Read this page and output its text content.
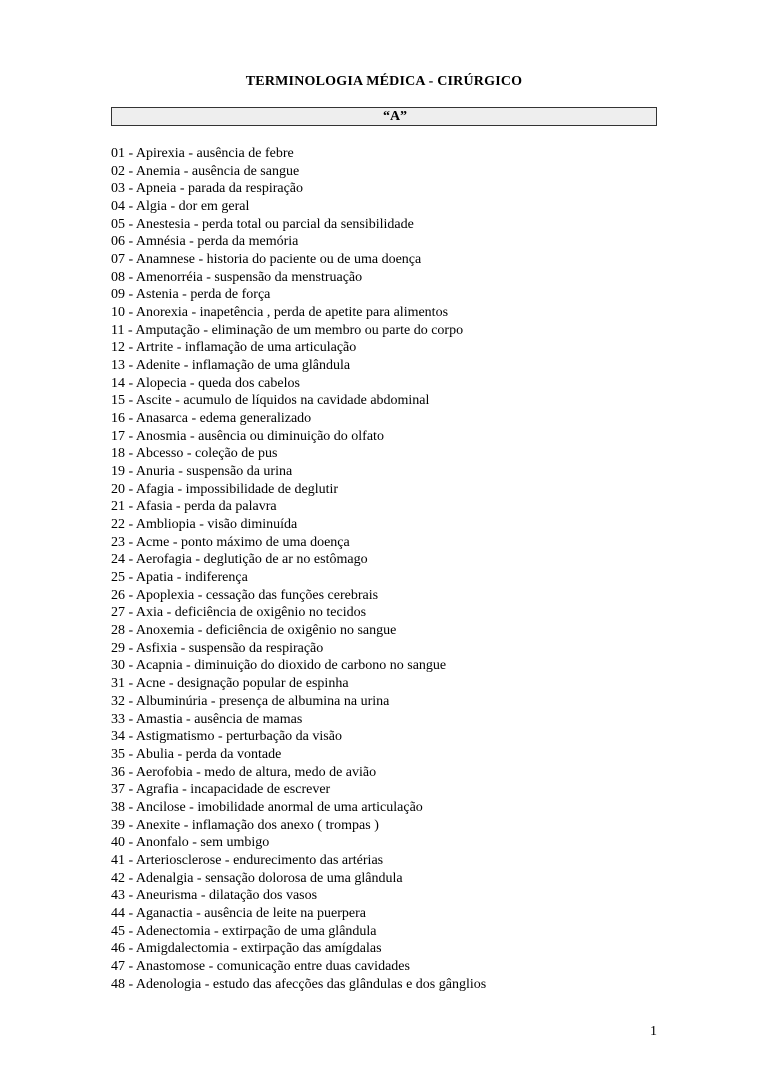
TERMINOLOGIA MÉDICA - CIRÚRGICO
“A”
01 - Apirexia - ausência de febre
02 - Anemia - ausência de sangue
03 - Apneia - parada da respiração
04 - Algia - dor em geral
05 - Anestesia - perda total ou parcial da sensibilidade
06 - Amnésia - perda da memória
07 - Anamnese - historia do paciente ou de uma doença
08 - Amenorréia - suspensão da menstruação
09 - Astenia - perda de força
10 - Anorexia - inapetência , perda de apetite para alimentos
11 - Amputação - eliminação de um membro ou parte do corpo
12 - Artrite - inflamação de uma articulação
13 - Adenite - inflamação de uma glândula
14 - Alopecia - queda dos cabelos
15 - Ascite - acumulo de líquidos na cavidade abdominal
16 - Anasarca - edema generalizado
17 - Anosmia - ausência ou diminuição do olfato
18 - Abcesso - coleção de pus
19 - Anuria - suspensão da urina
20 - Afagia - impossibilidade de deglutir
21 - Afasia - perda da palavra
22 - Ambliopia - visão diminuída
23 - Acme - ponto máximo de uma doença
24 - Aerofagia - deglutição de ar no estômago
25 - Apatia - indiferença
26 - Apoplexia - cessação das funções cerebrais
27 - Axia - deficiência de oxigênio no tecidos
28 - Anoxemia - deficiência de oxigênio no sangue
29 - Asfixia - suspensão da respiração
30 - Acapnia - diminuição do dioxido de carbono no sangue
31 - Acne - designação popular de espinha
32 - Albuminúria - presença de albumina na urina
33 - Amastia - ausência de mamas
34 - Astigmatismo - perturbação da visão
35 - Abulia - perda da vontade
36 - Aerofobia - medo de altura, medo de avião
37 - Agrafia - incapacidade de escrever
38 - Ancilose - imobilidade anormal de uma articulação
39 - Anexite - inflamação dos anexo ( trompas )
40 - Anonfalo - sem umbigo
41 - Arteriosclerose - endurecimento das artérias
42 - Adenalgia - sensação dolorosa de uma glândula
43 - Aneurisma - dilatação dos vasos
44 - Aganactia - ausência de leite na puerpera
45 - Adenectomia - extirpação de uma glândula
46 - Amigdalectomia - extirpação das amígdalas
47 - Anastomose - comunicação entre duas cavidades
48 - Adenologia - estudo das afecções das glândulas e dos gânglios
1
